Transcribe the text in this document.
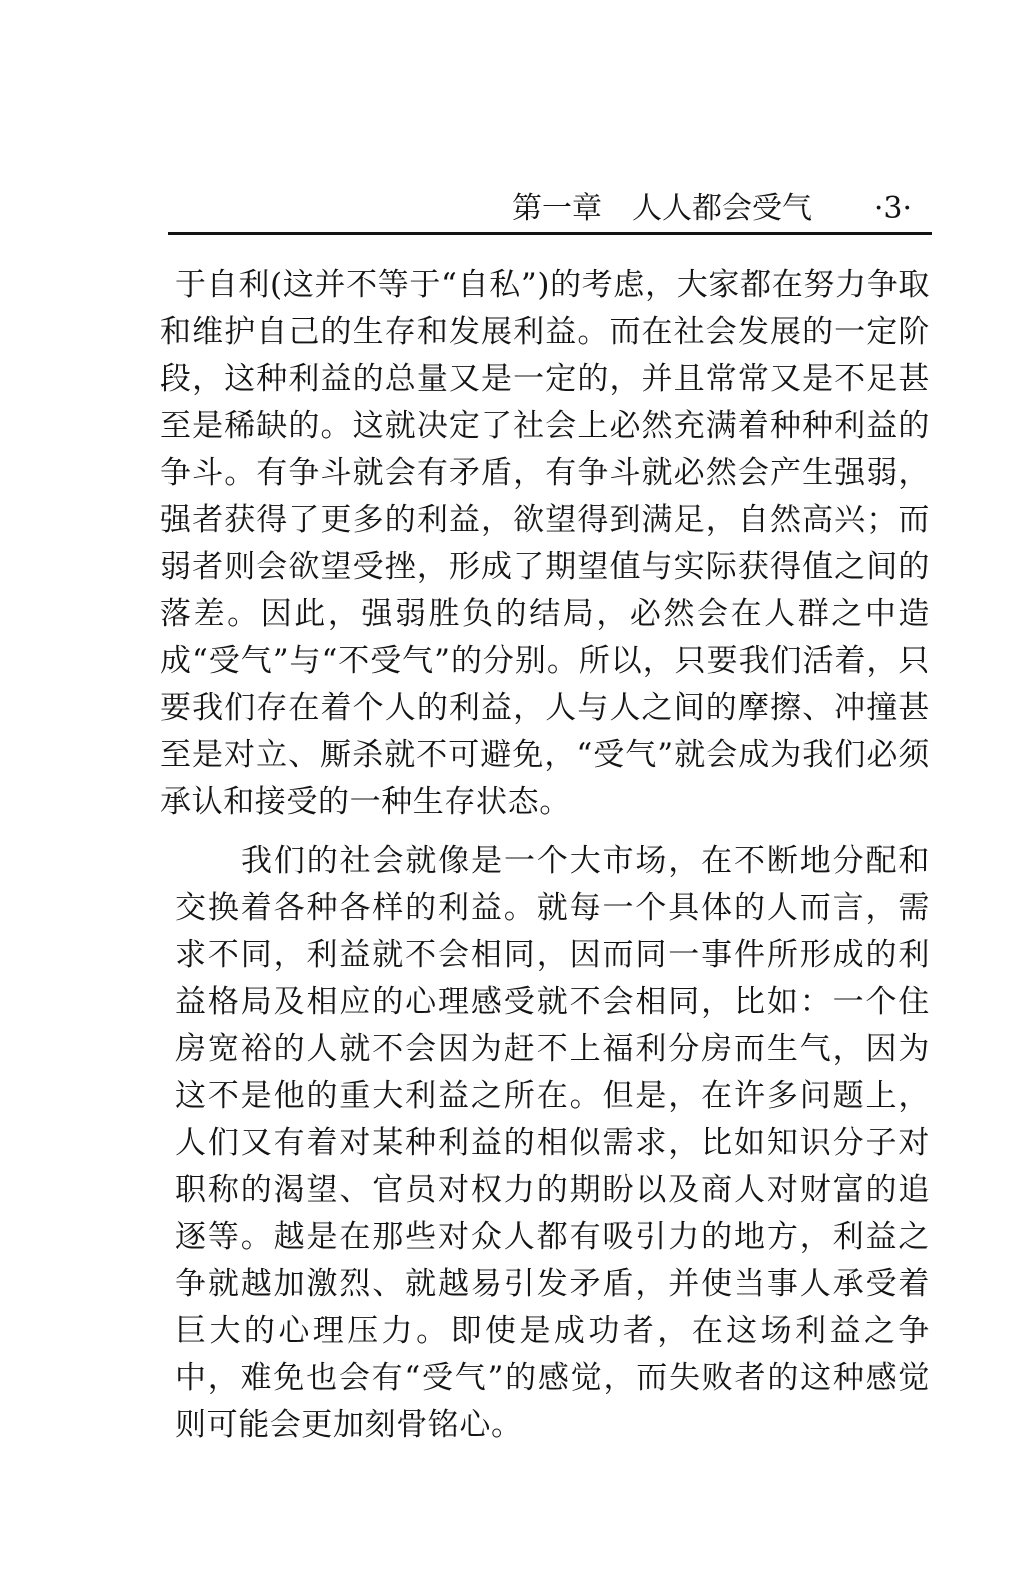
第一章　人人都会受气 ·3·

于自利(这并不等于“自私”)的考虑，大家都在努力争取和维护自己的生存和发展利益。而在社会发展的一定阶段，这种利益的总量又是一定的，并且常常又是不足甚至是稀缺的。这就决定了社会上必然充满着种种利益的争斗。有争斗就会有矛盾，有争斗就必然会产生强弱，强者获得了更多的利益，欲望得到满足，自然高兴；而弱者则会欲望受挫，形成了期望值与实际获得值之间的落差。因此，强弱胜负的结局，必然会在人群之中造成“受气”与“不受气”的分别。所以，只要我们活着，只要我们存在着个人的利益，人与人之间的摩擦、冲撞甚至是对立、厮杀就不可避免，“受气”就会成为我们必须承认和接受的一种生存状态。

我们的社会就像是一个大市场，在不断地分配和交换着各种各样的利益。就每一个具体的人而言，需求不同，利益就不会相同，因而同一事件所形成的利益格局及相应的心理感受就不会相同，比如：一个住房宽裕的人就不会因为赶不上福利分房而生气，因为这不是他的重大利益之所在。但是，在许多问题上，人们又有着对某种利益的相似需求，比如知识分子对职称的渴望、官员对权力的期盼以及商人对财富的追逐等。越是在那些对众人都有吸引力的地方，利益之争就越加激烈、就越易引发矛盾，并使当事人承受着巨大的心理压力。即使是成功者，在这场利益之争中，难免也会有“受气”的感觉，而失败者的这种感觉则可能会更加刻骨铭心。
